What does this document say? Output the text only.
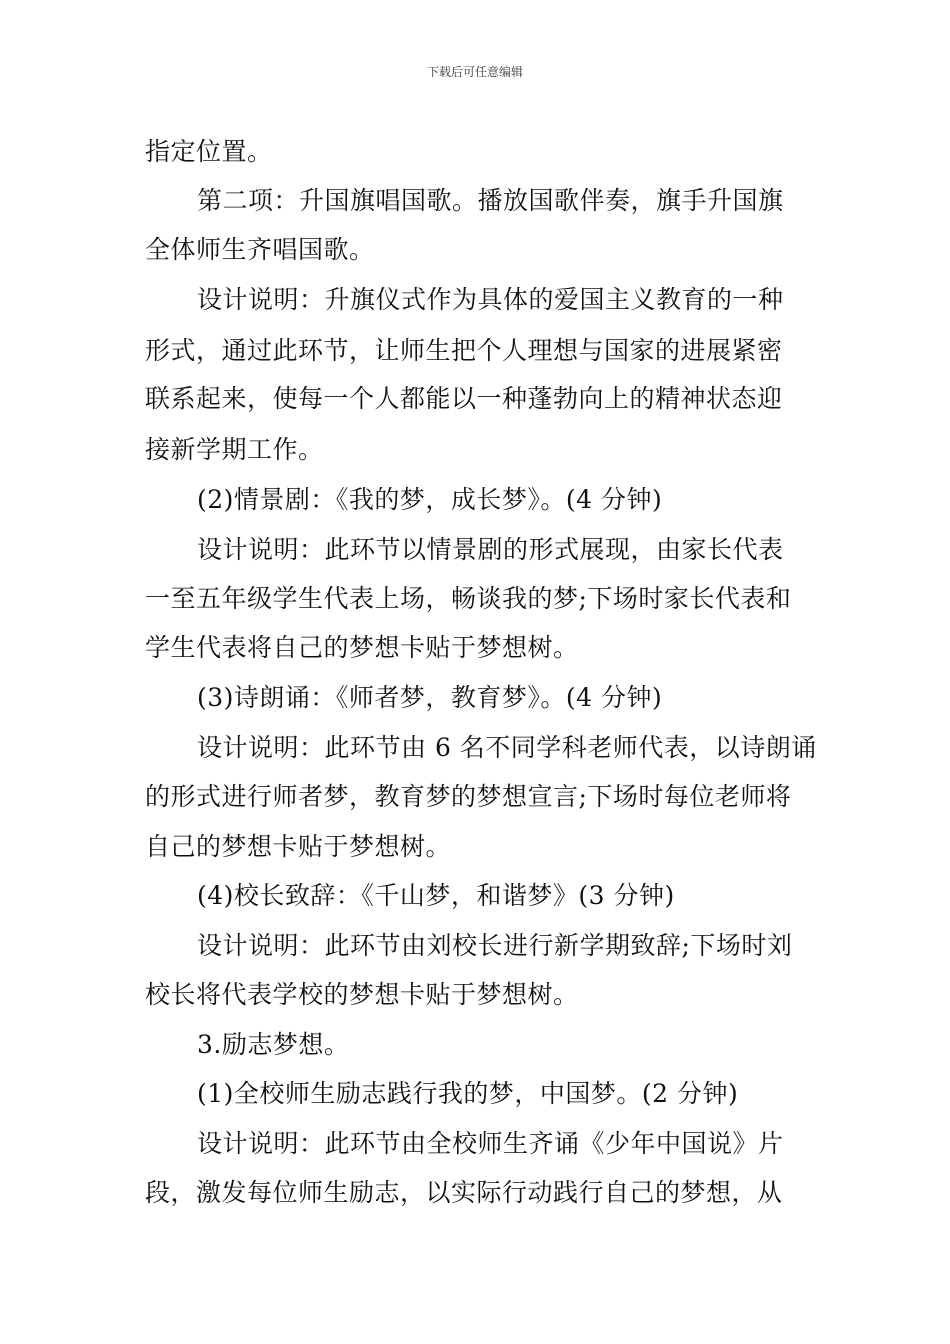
下载后可任意编辑
指定位置。
第二项：升国旗唱国歌。播放国歌伴奏，旗手升国旗
全体师生齐唱国歌。
设计说明：升旗仪式作为具体的爱国主义教育的一种
形式，通过此环节，让师生把个人理想与国家的进展紧密
联系起来，使每一个人都能以一种蓬勃向上的精神状态迎
接新学期工作。
(2)情景剧：《我的梦，成长梦》。(4 分钟)
设计说明：此环节以情景剧的形式展现，由家长代表
一至五年级学生代表上场，畅谈我的梦;下场时家长代表和
学生代表将自己的梦想卡贴于梦想树。
(3)诗朗诵：《师者梦，教育梦》。(4 分钟)
设计说明：此环节由 6 名不同学科老师代表，以诗朗诵
的形式进行师者梦，教育梦的梦想宣言;下场时每位老师将
自己的梦想卡贴于梦想树。
(4)校长致辞：《千山梦，和谐梦》(3 分钟)
设计说明：此环节由刘校长进行新学期致辞;下场时刘
校长将代表学校的梦想卡贴于梦想树。
3.励志梦想。
(1)全校师生励志践行我的梦，中国梦。(2 分钟)
设计说明：此环节由全校师生齐诵《少年中国说》片
段，激发每位师生励志，以实际行动践行自己的梦想，从
